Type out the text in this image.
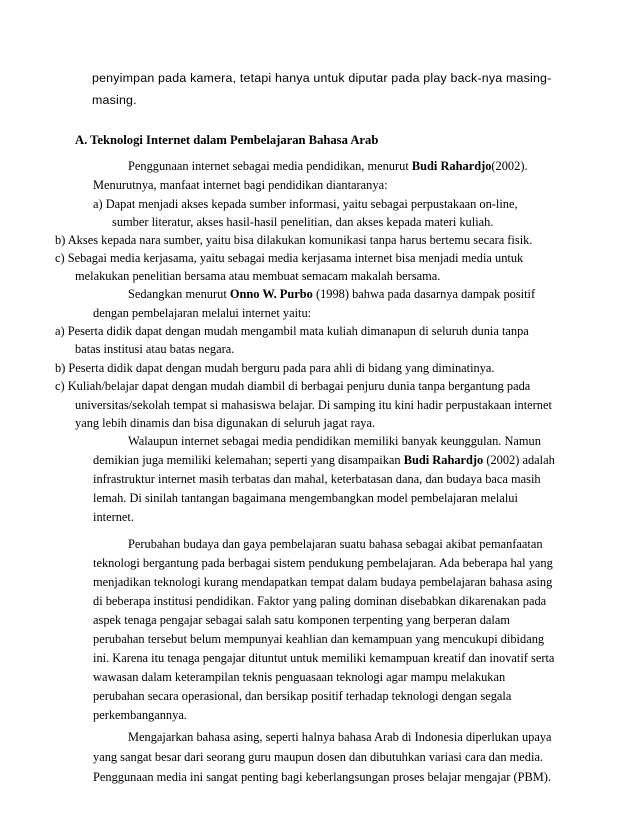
penyimpan pada kamera, tetapi hanya untuk diputar pada play back-nya masing-
masing.
A. Teknologi Internet dalam Pembelajaran Bahasa Arab
Penggunaan internet sebagai media pendidikan, menurut Budi Rahardjo(2002).
Menurutnya, manfaat internet bagi pendidikan diantaranya:
a) Dapat menjadi akses kepada sumber informasi, yaitu sebagai perpustakaan on-line,
sumber literatur, akses hasil-hasil penelitian, dan akses kepada materi kuliah.
b) Akses kepada nara sumber, yaitu bisa dilakukan komunikasi tanpa harus bertemu secara fisik.
c) Sebagai media kerjasama, yaitu sebagai media kerjasama internet bisa menjadi media untuk
melakukan penelitian bersama atau membuat semacam makalah bersama.
Sedangkan menurut Onno W. Purbo (1998) bahwa pada dasarnya dampak positif
dengan pembelajaran melalui internet yaitu:
a) Peserta didik dapat dengan mudah mengambil mata kuliah dimanapun di seluruh dunia tanpa
batas institusi atau batas negara.
b) Peserta didik dapat dengan mudah berguru pada para ahli di bidang yang diminatinya.
c) Kuliah/belajar dapat dengan mudah diambil di berbagai penjuru dunia tanpa bergantung pada
universitas/sekolah tempat si mahasiswa belajar. Di samping itu kini hadir perpustakaan internet
yang lebih dinamis dan bisa digunakan di seluruh jagat raya.
Walaupun internet sebagai media pendidikan memiliki banyak keunggulan. Namun
demikian juga memiliki kelemahan; seperti yang disampaikan Budi Rahardjo (2002) adalah
infrastruktur internet masih terbatas dan mahal, keterbatasan dana, dan budaya baca masih
lemah. Di sinilah tantangan bagaimana mengembangkan model pembelajaran melalui
internet.
Perubahan budaya dan gaya pembelajaran suatu bahasa sebagai akibat pemanfaatan
teknologi bergantung pada berbagai sistem pendukung pembelajaran. Ada beberapa hal yang
menjadikan teknologi kurang mendapatkan tempat dalam budaya pembelajaran bahasa asing
di beberapa institusi pendidikan. Faktor yang paling dominan disebabkan dikarenakan pada
aspek tenaga pengajar sebagai salah satu komponen terpenting yang berperan dalam
perubahan tersebut belum mempunyai keahlian dan kemampuan yang mencukupi dibidang
ini. Karena itu tenaga pengajar dituntut untuk memiliki kemampuan kreatif dan inovatif serta
wawasan dalam keterampilan teknis penguasaan teknologi agar mampu melakukan
perubahan secara operasional, dan bersikap positif terhadap teknologi dengan segala
perkembangannya.
Mengajarkan bahasa asing, seperti halnya bahasa Arab di Indonesia diperlukan upaya
yang sangat besar dari seorang guru maupun dosen dan dibutuhkan variasi cara dan media.
Penggunaan media ini sangat penting bagi keberlangsungan proses belajar mengajar (PBM).
